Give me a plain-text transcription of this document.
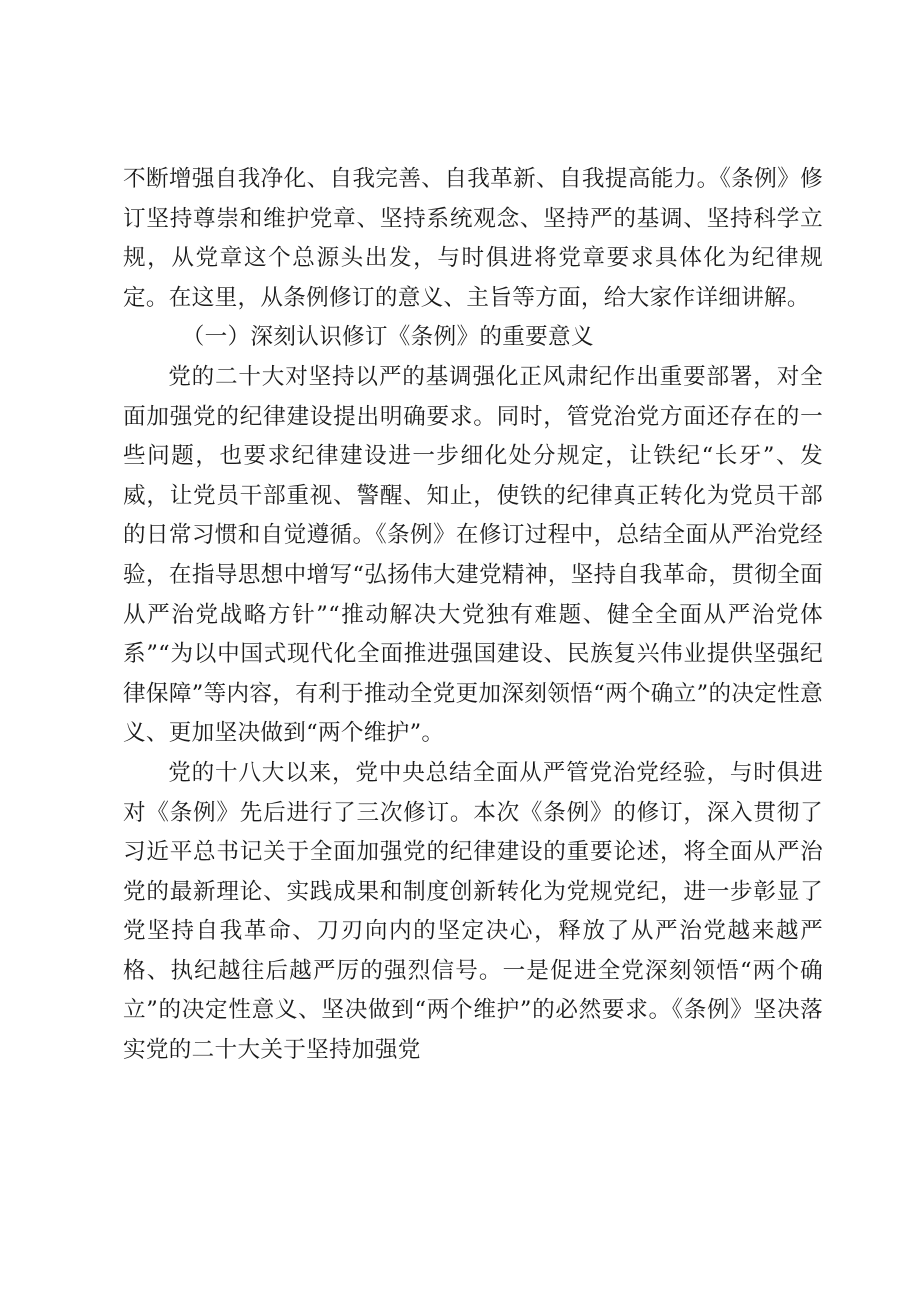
不断增强自我净化、自我完善、自我革新、自我提高能力。《条例》修订坚持尊崇和维护党章、坚持系统观念、坚持严的基调、坚持科学立规，从党章这个总源头出发，与时俱进将党章要求具体化为纪律规定。在这里，从条例修订的意义、主旨等方面，给大家作详细讲解。

（一）深刻认识修订《条例》的重要意义

党的二十大对坚持以严的基调强化正风肃纪作出重要部署，对全面加强党的纪律建设提出明确要求。同时，管党治党方面还存在的一些问题，也要求纪律建设进一步细化处分规定，让铁纪“长牙”、发威，让党员干部重视、警醒、知止，使铁的纪律真正转化为党员干部的日常习惯和自觉遵循。《条例》在修订过程中，总结全面从严治党经验，在指导思想中增写“弘扬伟大建党精神，坚持自我革命，贯彻全面从严治党战略方针”“推动解决大党独有难题、健全全面从严治党体系”“为以中国式现代化全面推进强国建设、民族复兴伟业提供坚强纪律保障”等内容，有利于推动全党更加深刻领悟“两个确立”的决定性意义、更加坚决做到“两个维护”。

党的十八大以来，党中央总结全面从严管党治党经验，与时俱进对《条例》先后进行了三次修订。本次《条例》的修订，深入贯彻了习近平总书记关于全面加强党的纪律建设的重要论述，将全面从严治党的最新理论、实践成果和制度创新转化为党规党纪，进一步彰显了党坚持自我革命、刀刃向内的坚定决心，释放了从严治党越来越严格、执纪越往后越严厉的强烈信号。一是促进全党深刻领悟“两个确立”的决定性意义、坚决做到“两个维护”的必然要求。《条例》坚决落实党的二十大关于坚持加强党
